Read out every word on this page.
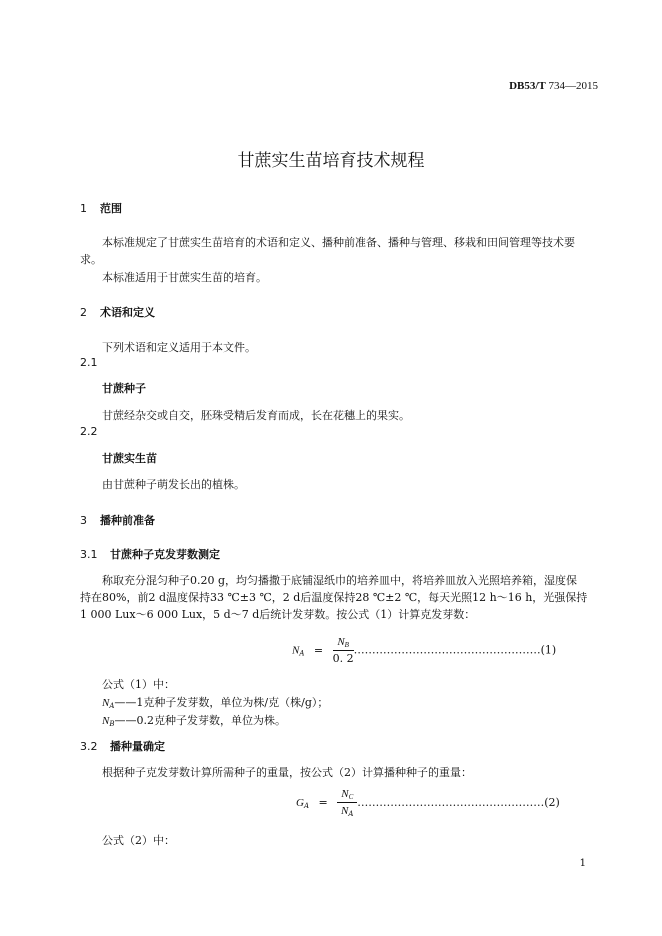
DB53/T 734—2015
甘蔗实生苗培育技术规程
1 范围
本标准规定了甘蔗实生苗培育的术语和定义、播种前准备、播种与管理、移栽和田间管理等技术要
求。
本标准适用于甘蔗实生苗的培育。
2 术语和定义
下列术语和定义适用于本文件。
2.1
甘蔗种子
甘蔗经杂交或自交，胚珠受精后发育而成，长在花穗上的果实。
2.2
甘蔗实生苗
由甘蔗种子萌发长出的植株。
3 播种前准备
3.1 甘蔗种子克发芽数测定
称取充分混匀种子0.20 g，均匀播撒于底铺湿纸巾的培养皿中，将培养皿放入光照培养箱，湿度保
持在80%，前2 d温度保持33 ℃±3 ℃，2 d后温度保持28 ℃±2 ℃，每天光照12 h～16 h，光强保持
1 000 Lux～6 000 Lux，5 d～7 d后统计发芽数。按公式（1）计算克发芽数：
NA = $\frac{NB}{0. 2}$ ……………………………………………(1)
公式（1）中：
NA——1克种子发芽数，单位为株/克（株/g）；
NB——0.2克种子发芽数，单位为株。
3.2 播种量确定
根据种子克发芽数计算所需种子的重量，按公式（2）计算播种种子的重量：
GA = $\frac{NC}{NA}$ ……………………………………………(2)
公式（2）中：
1
